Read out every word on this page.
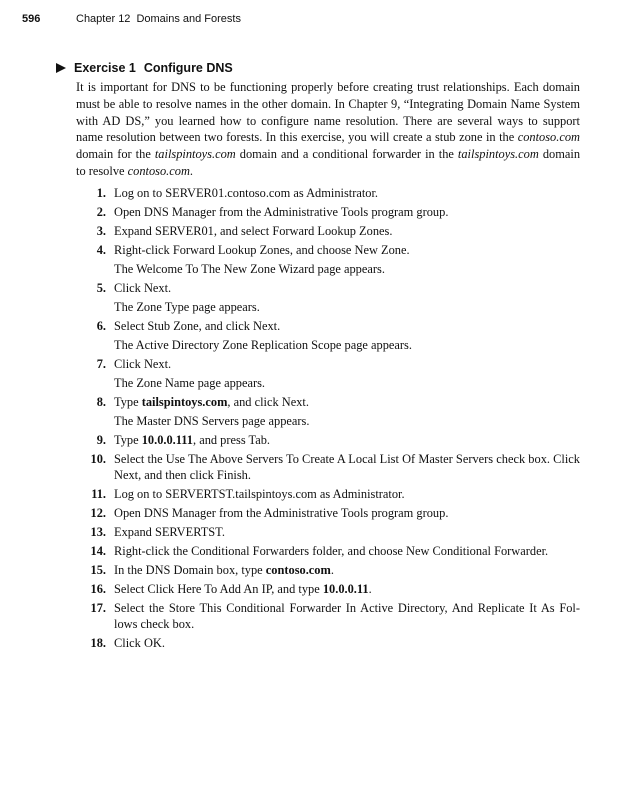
596	Chapter 12 Domains and Forests
Exercise 1 Configure DNS

It is important for DNS to be functioning properly before creating trust relationships. Each domain must be able to resolve names in the other domain. In Chapter 9, “Integrating Domain Name System with AD DS,” you learned how to configure name resolution. There are several ways to support name resolution between two forests. In this exercise, you will create a stub zone in the contoso.com domain for the tailspintoys.com domain and a conditional forwarder in the tailspintoys.com domain to resolve contoso.com.

1. Log on to SERVER01.contoso.com as Administrator.
2. Open DNS Manager from the Administrative Tools program group.
3. Expand SERVER01, and select Forward Lookup Zones.
4. Right-click Forward Lookup Zones, and choose New Zone.
The Welcome To The New Zone Wizard page appears.
5. Click Next.
The Zone Type page appears.
6. Select Stub Zone, and click Next.
The Active Directory Zone Replication Scope page appears.
7. Click Next.
The Zone Name page appears.
8. Type tailspintoys.com, and click Next.
The Master DNS Servers page appears.
9. Type 10.0.0.111, and press Tab.
10. Select the Use The Above Servers To Create A Local List Of Master Servers check box. Click Next, and then click Finish.
11. Log on to SERVERTST.tailspintoys.com as Administrator.
12. Open DNS Manager from the Administrative Tools program group.
13. Expand SERVERTST.
14. Right-click the Conditional Forwarders folder, and choose New Conditional Forwarder.
15. In the DNS Domain box, type contoso.com.
16. Select Click Here To Add An IP, and type 10.0.0.11.
17. Select the Store This Conditional Forwarder In Active Directory, And Replicate It As Fol- lows check box.
18. Click OK.
